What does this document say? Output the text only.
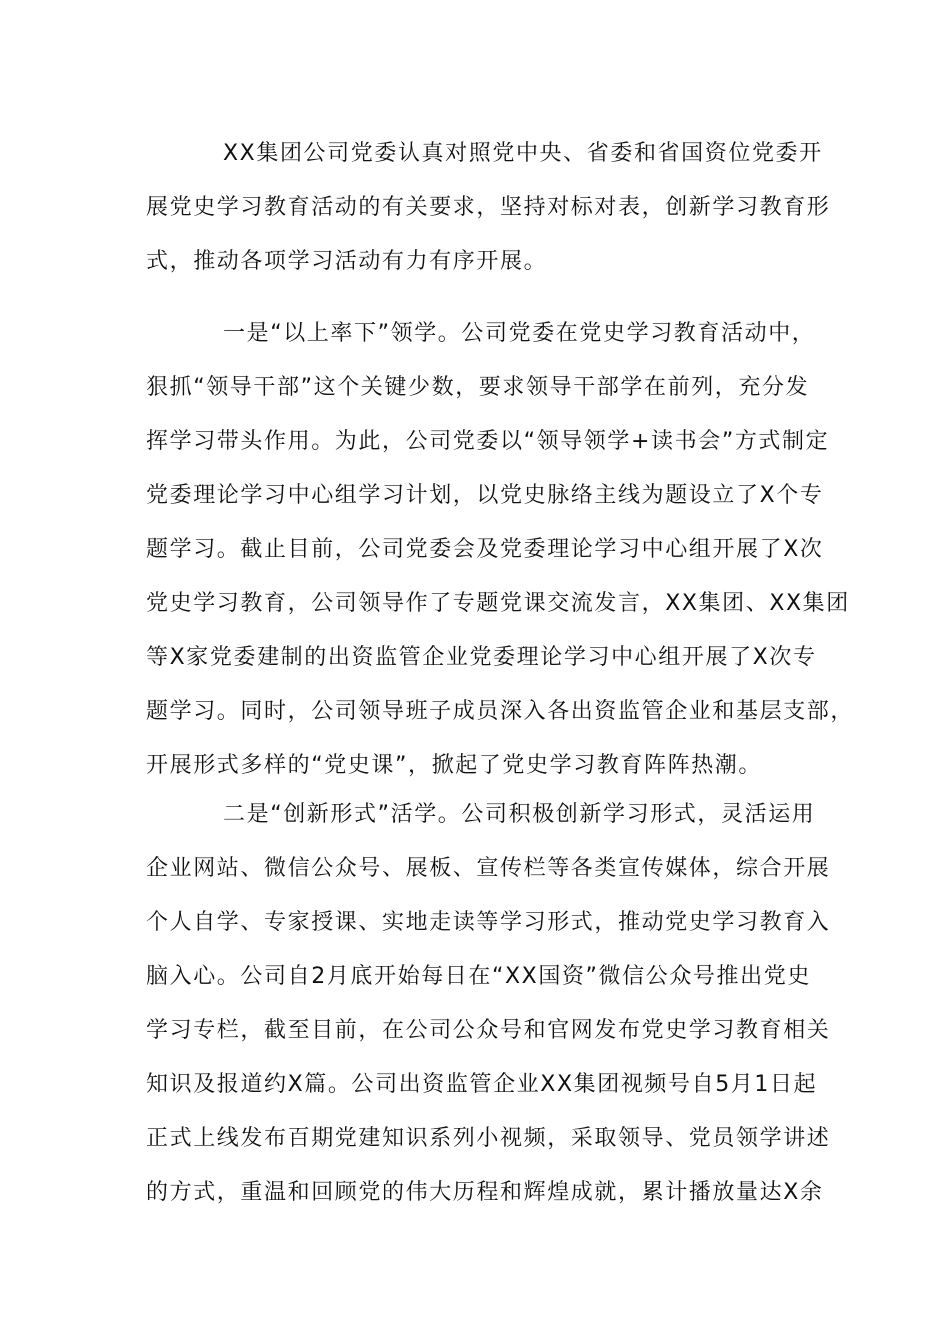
XX集团公司党委认真对照党中央、省委和省国资位党委开
展党史学习教育活动的有关要求，坚持对标对表，创新学习教育形
式，推动各项学习活动有力有序开展。
一是“以上率下”领学。公司党委在党史学习教育活动中，
狠抓“领导干部”这个关键少数，要求领导干部学在前列，充分发
挥学习带头作用。为此，公司党委以“领导领学+读书会”方式制定
党委理论学习中心组学习计划，以党史脉络主线为题设立了X个专
题学习。截止目前，公司党委会及党委理论学习中心组开展了X次
党史学习教育，公司领导作了专题党课交流发言，XX集团、XX集团
等X家党委建制的出资监管企业党委理论学习中心组开展了X次专
题学习。同时，公司领导班子成员深入各出资监管企业和基层支部，
开展形式多样的“党史课”，掀起了党史学习教育阵阵热潮。
二是“创新形式”活学。公司积极创新学习形式，灵活运用
企业网站、微信公众号、展板、宣传栏等各类宣传媒体，综合开展
个人自学、专家授课、实地走读等学习形式，推动党史学习教育入
脑入心。公司自2月底开始每日在“XX国资”微信公众号推出党史
学习专栏，截至目前，在公司公众号和官网发布党史学习教育相关
知识及报道约X篇。公司出资监管企业XX集团视频号自5月1日起
正式上线发布百期党建知识系列小视频，采取领导、党员领学讲述
的方式，重温和回顾党的伟大历程和辉煌成就，累计播放量达X余
